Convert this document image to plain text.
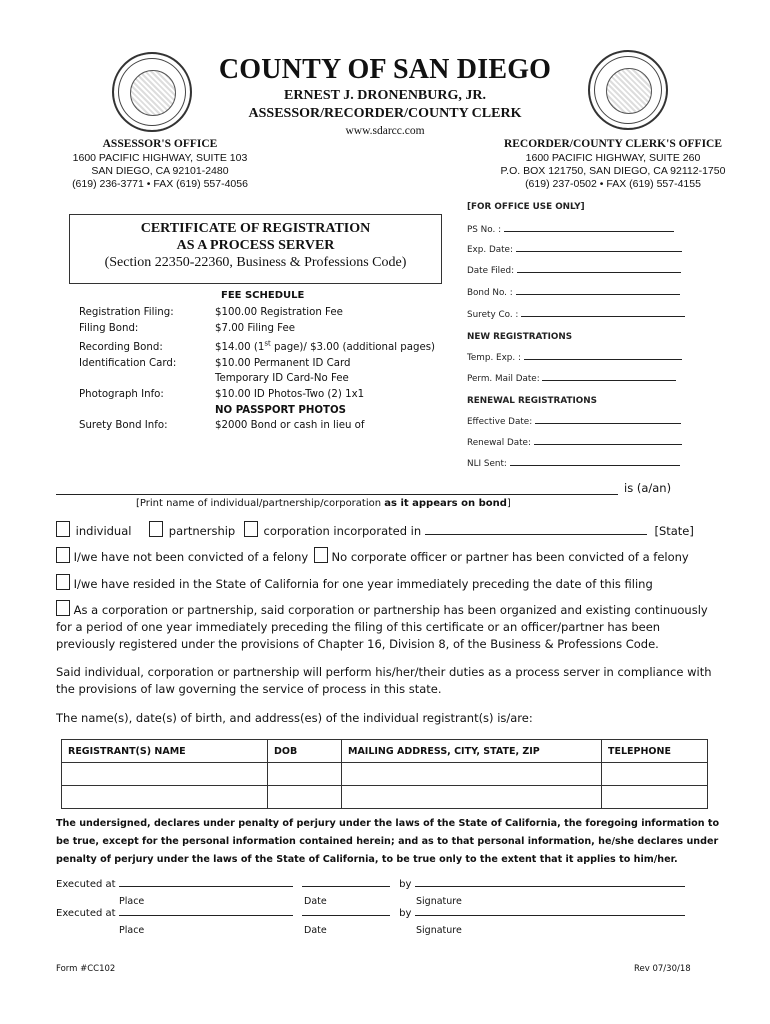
COUNTY OF SAN DIEGO
ERNEST J. DRONENBURG, JR.
ASSESSOR/RECORDER/COUNTY CLERK
www.sdarcc.com
ASSESSOR'S OFFICE
1600 PACIFIC HIGHWAY, SUITE 103
SAN DIEGO, CA 92101-2480
(619) 236-3771 • FAX (619) 557-4056
RECORDER/COUNTY CLERK'S OFFICE
1600 PACIFIC HIGHWAY, SUITE 260
P.O. BOX 121750, SAN DIEGO, CA 92112-1750
(619) 237-0502 • FAX (619) 557-4155
CERTIFICATE OF REGISTRATION
AS A PROCESS SERVER
(Section 22350-22360, Business & Professions Code)
FEE SCHEDULE
Registration Filing:	$100.00 Registration Fee
Filing Bond:	$7.00 Filing Fee
Recording Bond:	$14.00 (1st page)/ $3.00 (additional pages)
Identification Card:	$10.00 Permanent ID Card
Temporary ID Card-No Fee
Photograph Info:	$10.00 ID Photos-Two (2) 1x1
NO PASSPORT PHOTOS
Surety Bond Info:	$2000 Bond or cash in lieu of
[FOR OFFICE USE ONLY]
PS No. :
Exp. Date:
Date Filed:
Bond No. :
Surety Co. :
NEW REGISTRATIONS
Temp. Exp. :
Perm. Mail Date:
RENEWAL REGISTRATIONS
Effective Date:
Renewal Date:
NLI Sent:
is (a/an)
[Print name of individual/partnership/corporation as it appears on bond]
individual	partnership corporation incorporated in	[State]
I/we have not been convicted of a felony No corporate officer or partner has been convicted of a felony
I/we have resided in the State of California for one year immediately preceding the date of this filing
As a corporation or partnership, said corporation or partnership has been organized and existing continuously
for a period of one year immediately preceding the filing of this certificate or an officer/partner has been
previously registered under the provisions of Chapter 16, Division 8, of the Business & Professions Code.
Said individual, corporation or partnership will perform his/her/their duties as a process server in compliance with
the provisions of law governing the service of process in this state.
The name(s), date(s) of birth, and address(es) of the individual registrant(s) is/are:
REGISTRANT(S) NAME	DOB	MAILING ADDRESS, CITY, STATE, ZIP	TELEPHONE

The undersigned, declares under penalty of perjury under the laws of the State of California, the foregoing information to
be true, except for the personal information contained herein; and as to that personal information, he/she declares under
penalty of perjury under the laws of the State of California, to be true only to the extent that it applies to him/her.
Executed at	by
Place	Date	Signature
Executed at	by
Place	Date	Signature
Form #CC102	Rev 07/30/18
